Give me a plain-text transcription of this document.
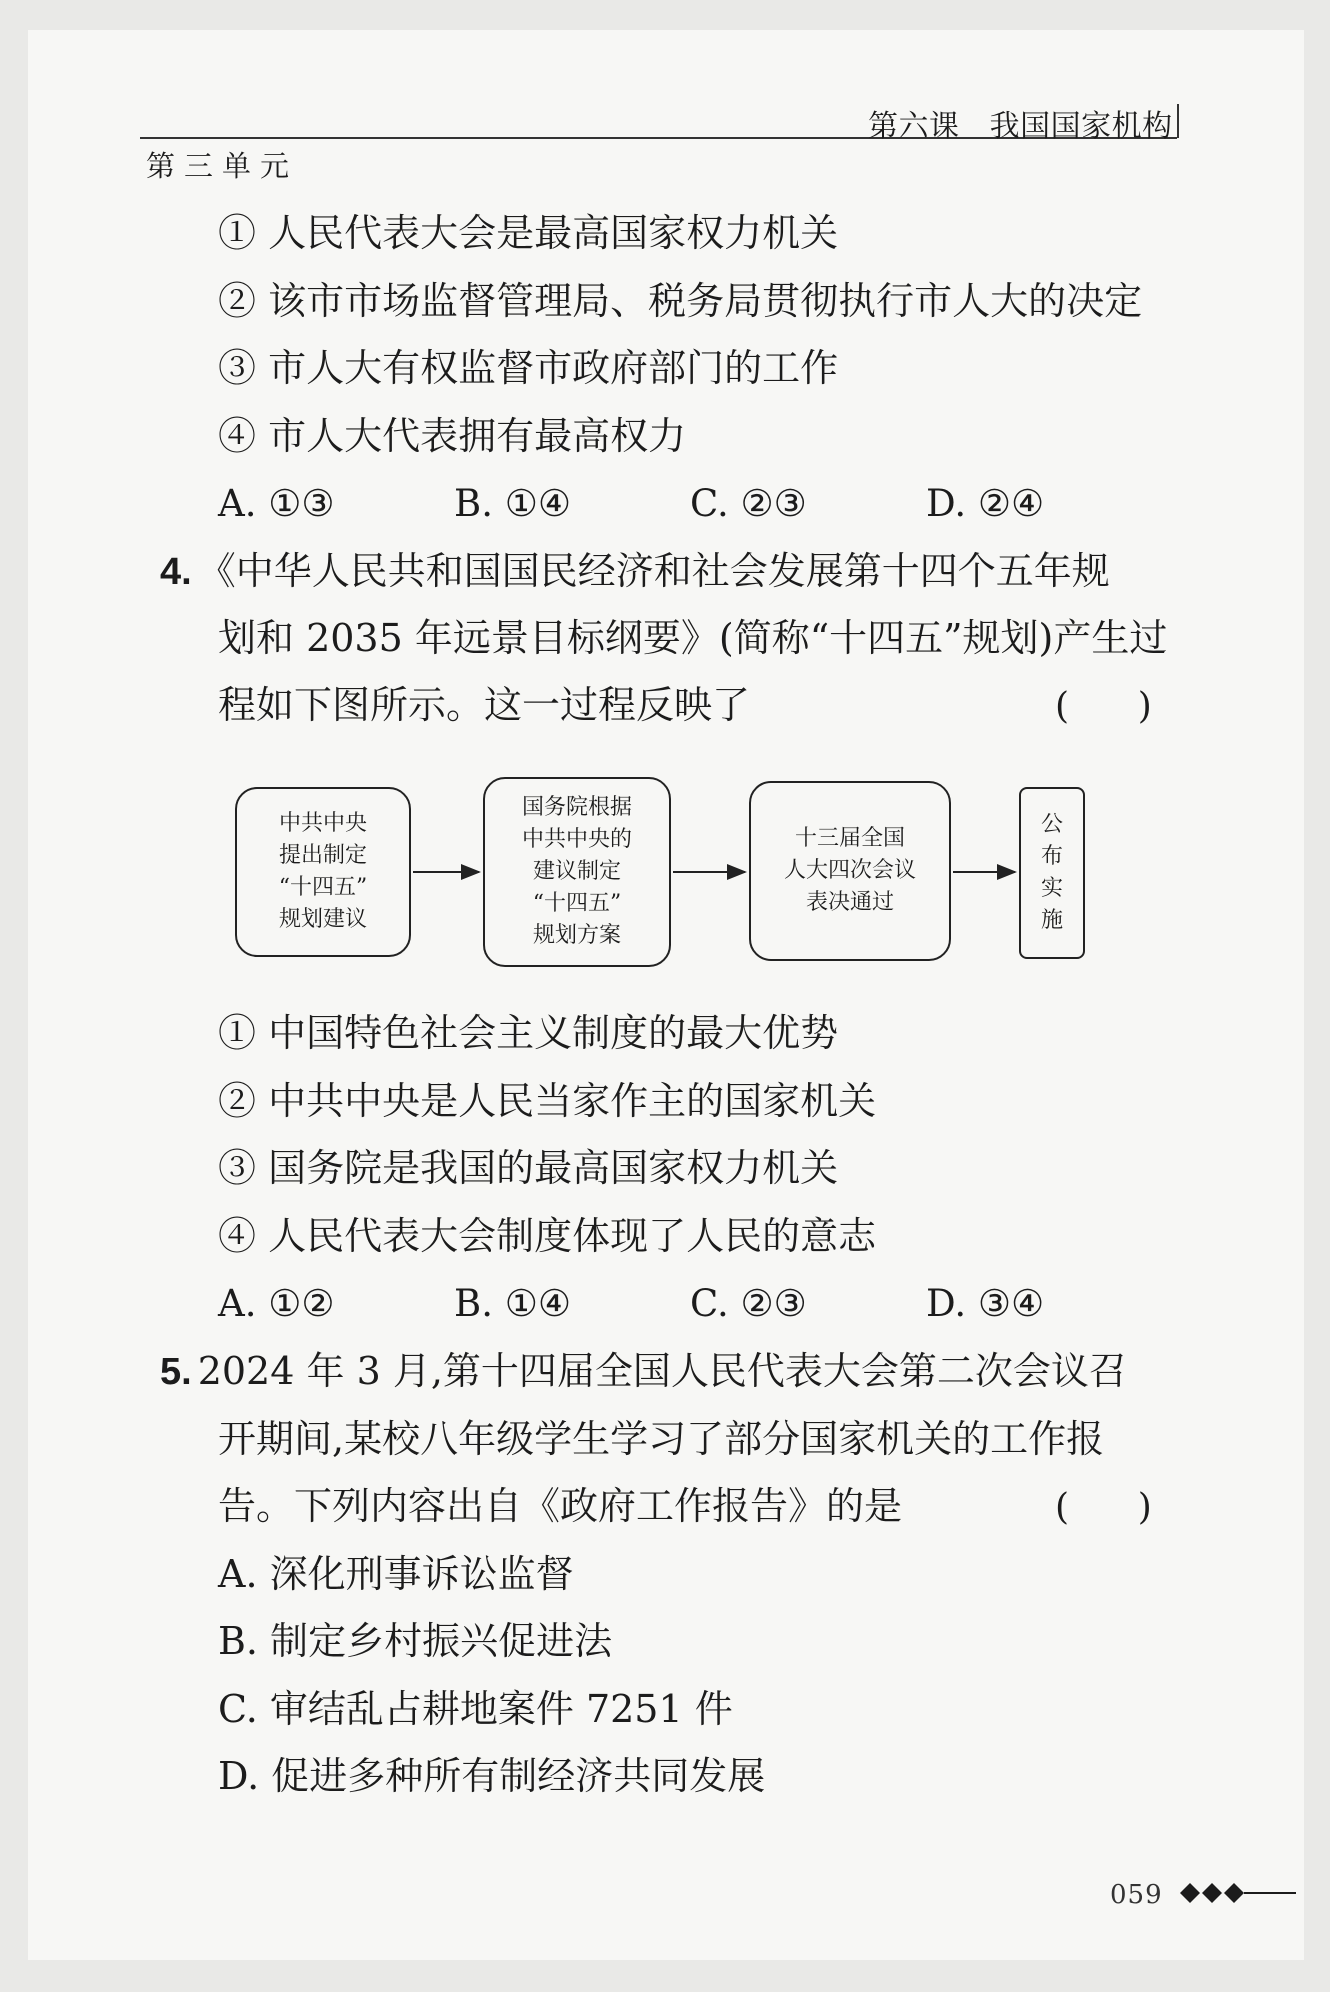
第六课   我国国家机构
第三单元
① 人民代表大会是最高国家权力机关
② 该市市场监督管理局、税务局贯彻执行市人大的决定
③ 市人大有权监督市政府部门的工作
④ 市人大代表拥有最高权力
A. ①③	B. ①④	C. ②③	D. ②④
4. 《中华人民共和国国民经济和社会发展第十四个五年规
划和 2035 年远景目标纲要》(简称“十四五”规划)产生过
程如下图所示。这一过程反映了	(      )
中共中央
提出制定
“十四五”
规划建议
国务院根据
中共中央的
建议制定
“十四五”
规划方案
十三届全国
人大四次会议
表决通过
公
布
实
施
① 中国特色社会主义制度的最大优势
② 中共中央是人民当家作主的国家机关
③ 国务院是我国的最高国家权力机关
④ 人民代表大会制度体现了人民的意志
A. ①②	B. ①④	C. ②③	D. ③④
5. 2024 年 3 月,第十四届全国人民代表大会第二次会议召
开期间,某校八年级学生学习了部分国家机关的工作报
告。下列内容出自《政府工作报告》的是	(      )
A. 深化刑事诉讼监督
B. 制定乡村振兴促进法
C. 审结乱占耕地案件 7251 件
D. 促进多种所有制经济共同发展
059
